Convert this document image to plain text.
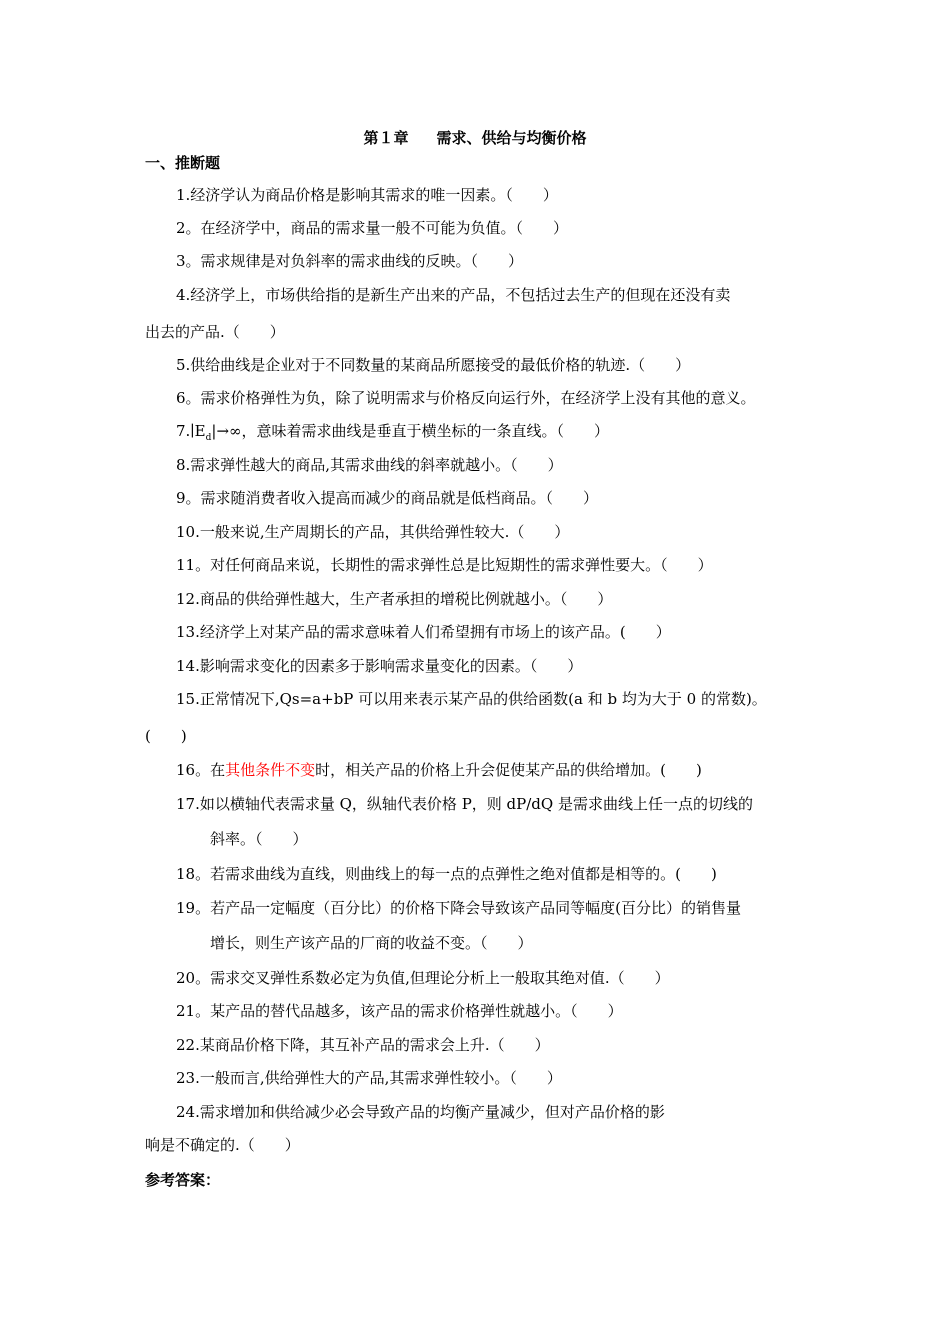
第１章 需求、供给与均衡价格
一、推断题
1.经济学认为商品价格是影响其需求的唯一因素。（　　）
2。在经济学中，商品的需求量一般不可能为负值。（　　）
3。需求规律是对负斜率的需求曲线的反映。（　　）
4.经济学上，市场供给指的是新生产出来的产品，不包括过去生产的但现在还没有卖
出去的产品.（　　）
5.供给曲线是企业对于不同数量的某商品所愿接受的最低价格的轨迹.（　　）
6。需求价格弹性为负，除了说明需求与价格反向运行外，在经济学上没有其他的意义。
$7.∣E_d|\to\infty$，意味着需求曲线是垂直于横坐标的一条直线。（　　）
8.需求弹性越大的商品,其需求曲线的斜率就越小。（　　）
9。需求随消费者收入提高而减少的商品就是低档商品。（　　）
10.一般来说,生产周期长的产品，其供给弹性较大.（　　）
11。对任何商品来说，长期性的需求弹性总是比短期性的需求弹性要大。（　　）
12.商品的供给弹性越大，生产者承担的增税比例就越小。（　　）
13.经济学上对某产品的需求意味着人们希望拥有市场上的该产品。(　　）
14.影响需求变化的因素多于影响需求量变化的因素。（　　）
15.正常情况下,Qs=a+bP 可以用来表示某产品的供给函数(a 和 b 均为大于 0 的常数)。
(　　)
16。在其他条件不变时，相关产品的价格上升会促使某产品的供给增加。(　　)
17.如以横轴代表需求量 Q，纵轴代表价格 P，则 dP/dQ 是需求曲线上任一点的切线的
斜率。（　　）
18。若需求曲线为直线，则曲线上的每一点的点弹性之绝对值都是相等的。(　　)
19。若产品一定幅度（百分比）的价格下降会导致该产品同等幅度(百分比）的销售量
增长，则生产该产品的厂商的收益不变。（　　）
20。需求交叉弹性系数必定为负值,但理论分析上一般取其绝对值.（　　）
21。某产品的替代品越多，该产品的需求价格弹性就越小。（　　）
22.某商品价格下降，其互补产品的需求会上升.（　　）
23.一般而言,供给弹性大的产品,其需求弹性较小。（　　）
24.需求增加和供给减少必会导致产品的均衡产量减少，但对产品价格的影
响是不确定的.（　　）
参考答案：
